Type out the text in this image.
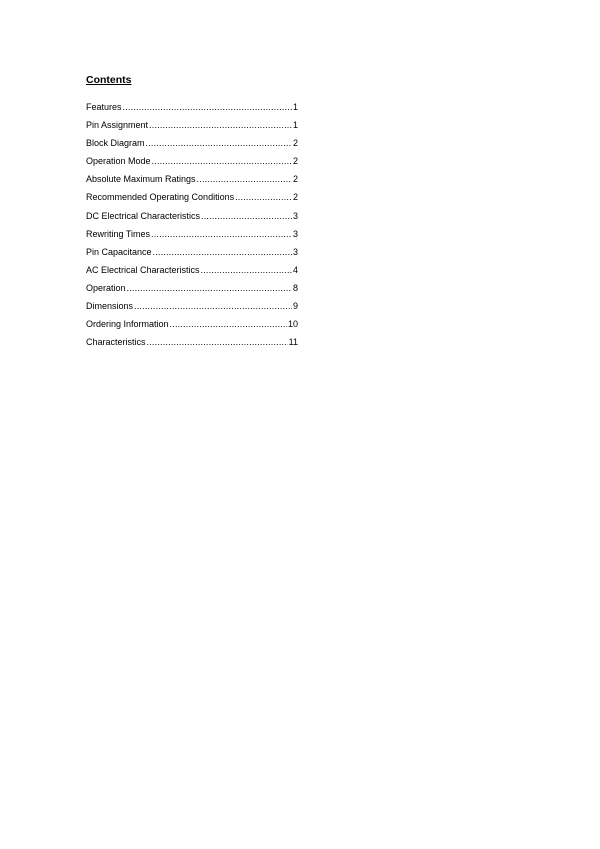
Contents
Features .....	1
Pin Assignment .....	1
Block Diagram .....	2
Operation Mode .....	2
Absolute Maximum Ratings .....	2
Recommended Operating Conditions .....	2
DC Electrical Characteristics .....	3
Rewriting Times .....	3
Pin Capacitance .....	3
AC Electrical Characteristics .....	4
Operation .....	8
Dimensions .....	9
Ordering Information .....	10
Characteristics .....	11
